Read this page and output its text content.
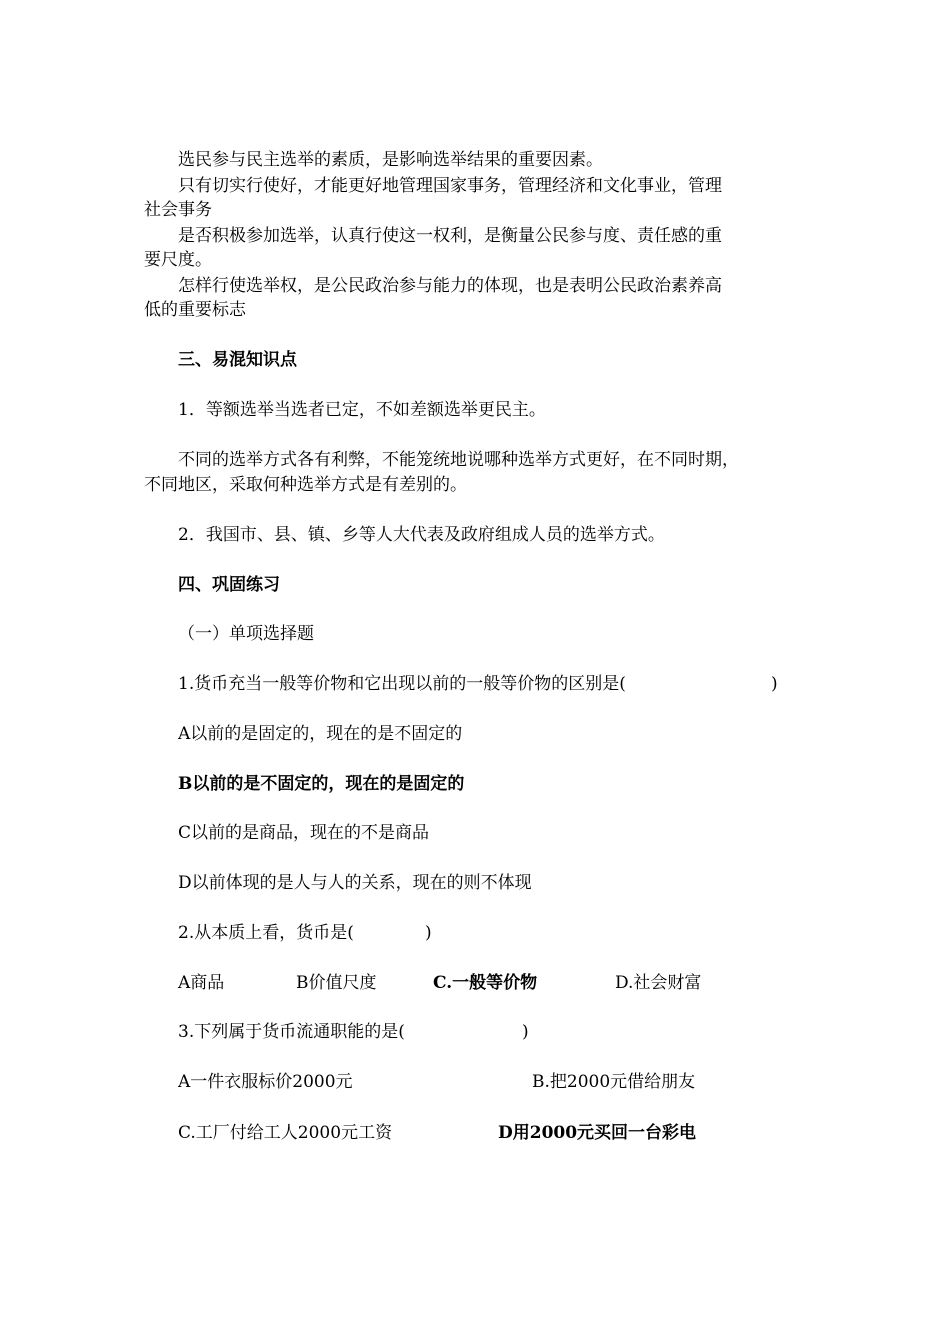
选民参与民主选举的素质，是影响选举结果的重要因素。
只有切实行使好，才能更好地管理国家事务，管理经济和文化事业，管理
社会事务
是否积极参加选举，认真行使这一权利，是衡量公民参与度、责任感的重
要尺度。
怎样行使选举权，是公民政治参与能力的体现，也是表明公民政治素养高
低的重要标志
三、易混知识点
1．等额选举当选者已定，不如差额选举更民主。
不同的选举方式各有利弊，不能笼统地说哪种选举方式更好，在不同时期，
不同地区，采取何种选举方式是有差别的。
2．我国市、县、镇、乡等人大代表及政府组成人员的选举方式。
四、巩固练习
（一）单项选择题
1.货币充当一般等价物和它出现以前的一般等价物的区别是(	)
A以前的是固定的，现在的是不固定的
B以前的是不固定的，现在的是固定的
C以前的是商品，现在的不是商品
D以前体现的是人与人的关系，现在的则不体现
2.从本质上看，货币是(	)
A商品	B价值尺度	C.一般等价物	D.社会财富
3.下列属于货币流通职能的是(	)
A一件衣服标价2000元	B.把2000元借给朋友
C.工厂付给工人2000元工资	D用2000元买回一台彩电
